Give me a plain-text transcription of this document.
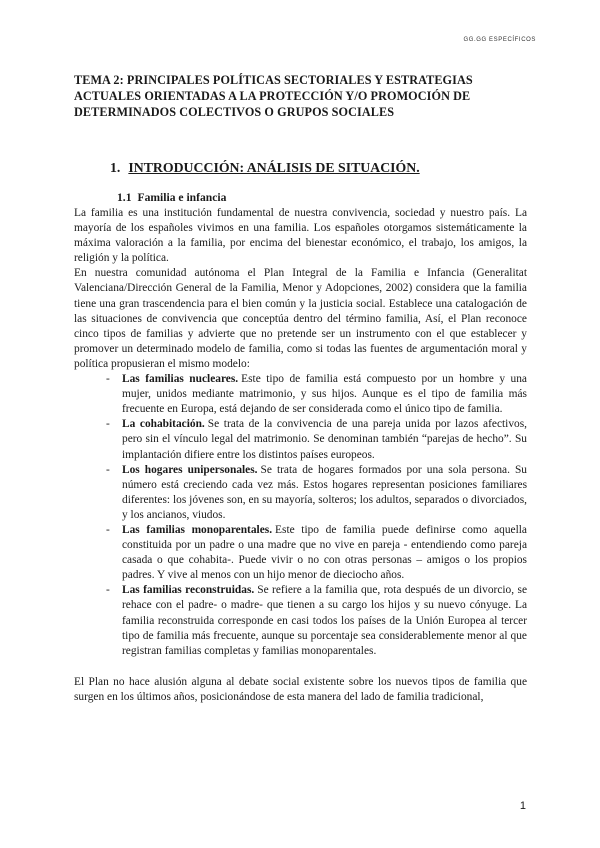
GG.GG ESPECÍFICOS
TEMA 2: PRINCIPALES POLÍTICAS SECTORIALES Y ESTRATEGIAS
ACTUALES ORIENTADAS A LA PROTECCIÓN Y/O PROMOCIÓN DE
DETERMINADOS COLECTIVOS O GRUPOS SOCIALES
1. INTRODUCCIÓN: ANÁLISIS DE SITUACIÓN.
1.1 Familia e infancia

La familia es una institución fundamental de nuestra convivencia, sociedad y nuestro país. La mayoría de los españoles vivimos en una familia. Los españoles otorgamos sistemáticamente la máxima valoración a la familia, por encima del bienestar económico, el trabajo, los amigos, la religión y la política.

En nuestra comunidad autónoma el Plan Integral de la Familia e Infancia (Generalitat Valenciana/Dirección General de la Familia, Menor y Adopciones, 2002) considera que la familia tiene una gran trascendencia para el bien común y la justicia social. Establece una catalogación de las situaciones de convivencia que conceptúa dentro del término familia, Así, el Plan reconoce cinco tipos de familias y advierte que no pretende ser un instrumento con el que establecer y promover un determinado modelo de familia, como si todas las fuentes de argumentación moral y política propusieran el mismo modelo:

- Las familias nucleares. Este tipo de familia está compuesto por un hombre y una mujer, unidos mediante matrimonio, y sus hijos. Aunque es el tipo de familia más frecuente en Europa, está dejando de ser considerada como el único tipo de familia.

- La cohabitación. Se trata de la convivencia de una pareja unida por lazos afectivos, pero sin el vínculo legal del matrimonio. Se denominan también “parejas de hecho”. Su implantación difiere entre los distintos países europeos.

- Los hogares unipersonales. Se trata de hogares formados por una sola persona. Su número está creciendo cada vez más. Estos hogares representan posiciones familiares diferentes: los jóvenes son, en su mayoría, solteros; los adultos, separados o divorciados, y los ancianos, viudos.

- Las familias monoparentales. Este tipo de familia puede definirse como aquella constituida por un padre o una madre que no vive en pareja - entendiendo como pareja casada o que cohabita-. Puede vivir o no con otras personas – amigos o los propios padres. Y vive al menos con un hijo menor de dieciocho años.

- Las familias reconstruidas. Se refiere a la familia que, rota después de un divorcio, se rehace con el padre- o madre- que tienen a su cargo los hijos y su nuevo cónyuge. La familia reconstruida corresponde en casi todos los países de la Unión Europea al tercer tipo de familia más frecuente, aunque su porcentaje sea considerablemente menor al que registran familias completas y familias monoparentales.

El Plan no hace alusión alguna al debate social existente sobre los nuevos tipos de familia que surgen en los últimos años, posicionándose de esta manera del lado de familia tradicional,

1
